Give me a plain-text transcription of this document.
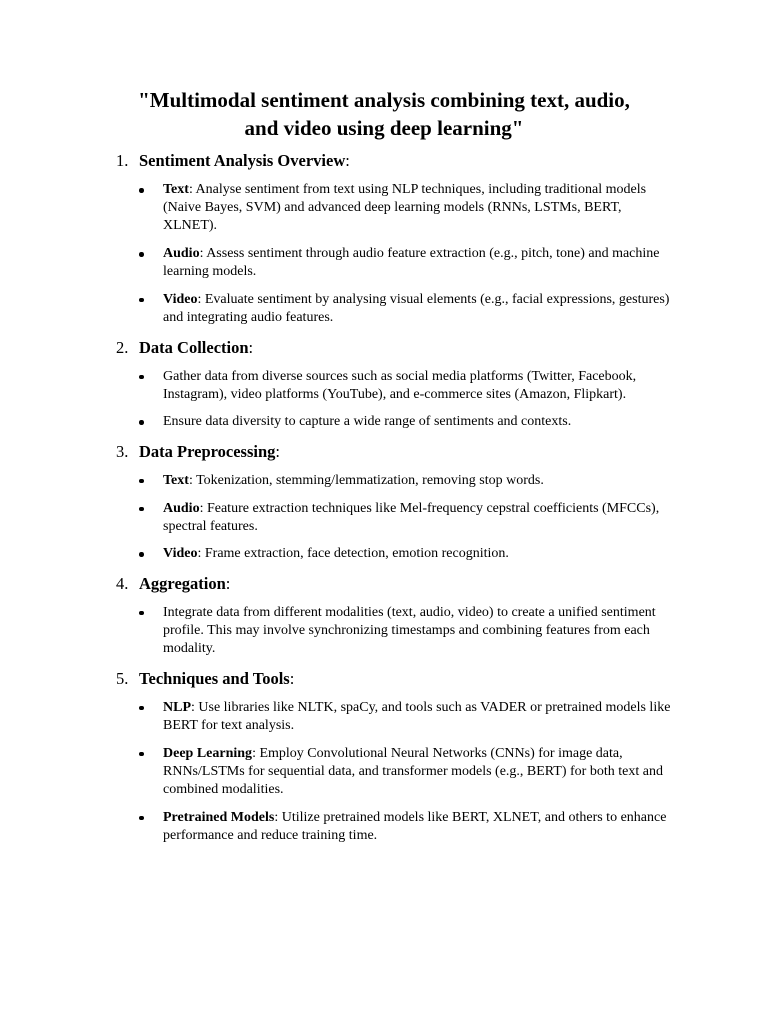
"Multimodal sentiment analysis combining text, audio,
and video using deep learning"
1. Sentiment Analysis Overview:
Text: Analyse sentiment from text using NLP techniques, including traditional models (Naive Bayes, SVM) and advanced deep learning models (RNNs, LSTMs, BERT, XLNET).
Audio: Assess sentiment through audio feature extraction (e.g., pitch, tone) and machine learning models.
Video: Evaluate sentiment by analysing visual elements (e.g., facial expressions, gestures) and integrating audio features.
2. Data Collection:
Gather data from diverse sources such as social media platforms (Twitter, Facebook, Instagram), video platforms (YouTube), and e-commerce sites (Amazon, Flipkart).
Ensure data diversity to capture a wide range of sentiments and contexts.
3. Data Preprocessing:
Text: Tokenization, stemming/lemmatization, removing stop words.
Audio: Feature extraction techniques like Mel-frequency cepstral coefficients (MFCCs), spectral features.
Video: Frame extraction, face detection, emotion recognition.
4. Aggregation:
Integrate data from different modalities (text, audio, video) to create a unified sentiment profile. This may involve synchronizing timestamps and combining features from each modality.
5. Techniques and Tools:
NLP: Use libraries like NLTK, spaCy, and tools such as VADER or pretrained models like BERT for text analysis.
Deep Learning: Employ Convolutional Neural Networks (CNNs) for image data, RNNs/LSTMs for sequential data, and transformer models (e.g., BERT) for both text and combined modalities.
Pretrained Models: Utilize pretrained models like BERT, XLNET, and others to enhance performance and reduce training time.
